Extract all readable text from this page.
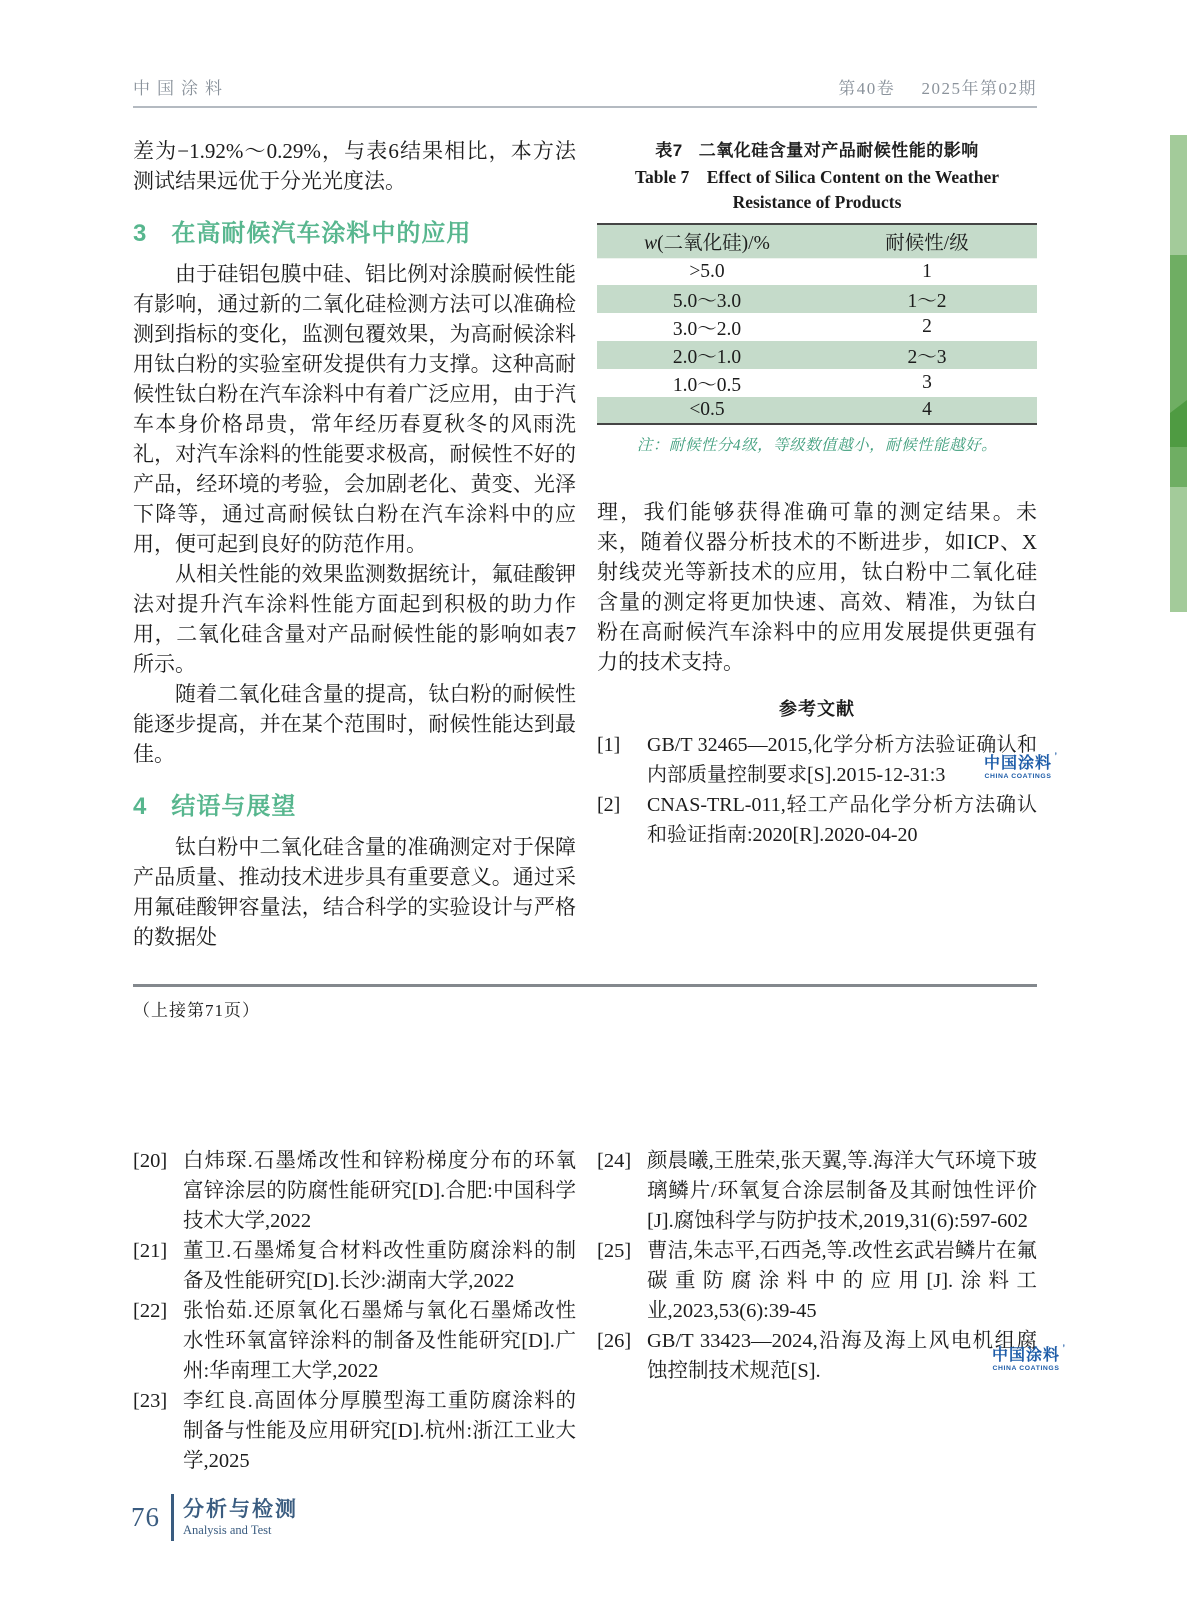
中国涂料	第40卷 2025年第02期

差为−1.92%～0.29%，与表6结果相比，本方法测试结果远优于分光光度法。

3 在高耐候汽车涂料中的应用

由于硅铝包膜中硅、铝比例对涂膜耐候性能有影响，通过新的二氧化硅检测方法可以准确检测到指标的变化，监测包覆效果，为高耐候涂料用钛白粉的实验室研发提供有力支撑。这种高耐候性钛白粉在汽车涂料中有着广泛应用，由于汽车本身价格昂贵，常年经历春夏秋冬的风雨洗礼，对汽车涂料的性能要求极高，耐候性不好的产品，经环境的考验，会加剧老化、黄变、光泽下降等，通过高耐候钛白粉在汽车涂料中的应用，便可起到良好的防范作用。

从相关性能的效果监测数据统计，氟硅酸钾法对提升汽车涂料性能方面起到积极的助力作用，二氧化硅含量对产品耐候性能的影响如表7所示。

随着二氧化硅含量的提高，钛白粉的耐候性能逐步提高，并在某个范围时，耐候性能达到最佳。

4 结语与展望

钛白粉中二氧化硅含量的准确测定对于保障产品质量、推动技术进步具有重要意义。通过采用氟硅酸钾容量法，结合科学的实验设计与严格的数据处

表7 二氧化硅含量对产品耐候性能的影响
Table 7　Effect of Silica Content on the Weather Resistance of Products
w(二氧化硅)/%	耐候性/级
>5.0	1
5.0～3.0	1～2
3.0～2.0	2
2.0～1.0	2～3
1.0～0.5	3
<0.5	4
注：耐候性分4级，等级数值越小，耐候性能越好。

理，我们能够获得准确可靠的测定结果。未来，随着仪器分析技术的不断进步，如ICP、X射线荧光等新技术的应用，钛白粉中二氧化硅含量的测定将更加快速、高效、精准，为钛白粉在高耐候汽车涂料中的应用发展提供更强有力的技术支持。

参考文献
[1]	GB/T 32465—2015,化学分析方法验证确认和内部质量控制要求[S].2015-12-31:3
[2]	CNAS-TRL-011,轻工产品化学分析方法确认和验证指南:2020[R].2020-04-20
中国涂料 ’
CHINA COATINGS
（上接第71页）
[20] 白炜琛.石墨烯改性和锌粉梯度分布的环氧富锌涂层的防腐性能研究[D].合肥:中国科学技术大学,2022
[21] 董卫.石墨烯复合材料改性重防腐涂料的制备及性能研究[D].长沙:湖南大学,2022
[22] 张怡茹.还原氧化石墨烯与氧化石墨烯改性水性环氧富锌涂料的制备及性能研究[D].广州:华南理工大学,2022
[23] 李红良.高固体分厚膜型海工重防腐涂料的制备与性能及应用研究[D].杭州:浙江工业大学,2025
[24] 颜晨曦,王胜荣,张天翼,等.海洋大气环境下玻璃鳞片/环氧复合涂层制备及其耐蚀性评价[J].腐蚀科学与防护技术,2019,31(6):597-602
[25] 曹洁,朱志平,石西尧,等.改性玄武岩鳞片在氟碳重防腐涂料中的应用[J].涂料工业,2023,53(6):39-45
[26] GB/T 33423—2024,沿海及海上风电机组腐蚀控制技术规范[S].
中国涂料 ’
CHINA COATINGS
76 分析与检测
Analysis and Test
